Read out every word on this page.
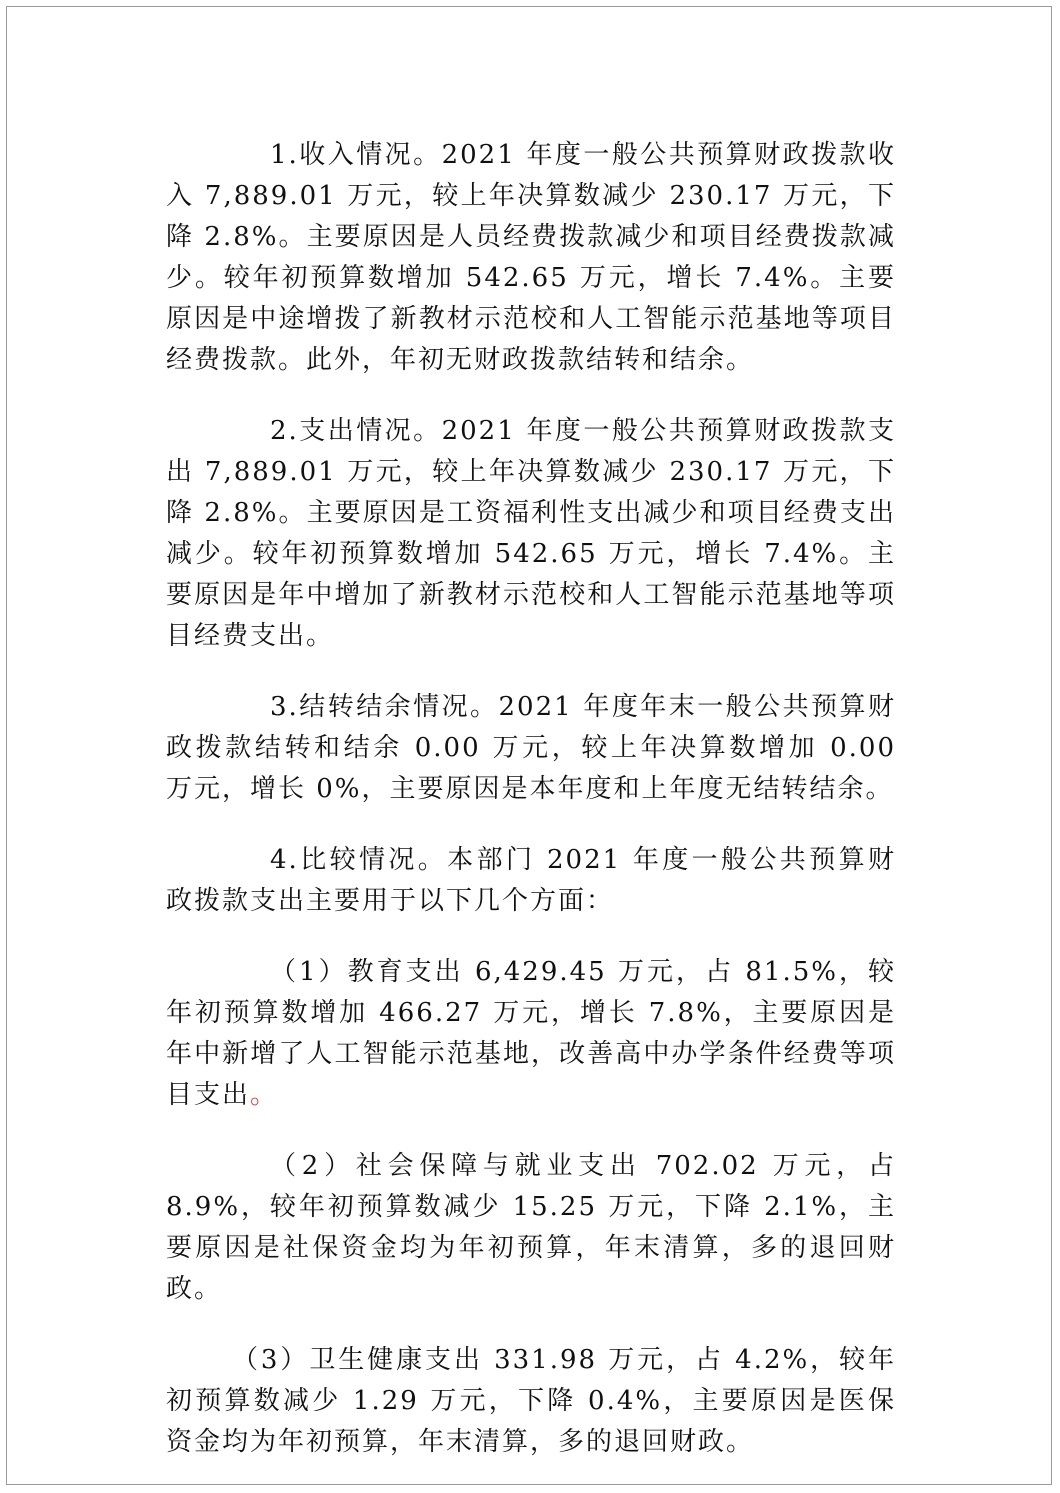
1.收入情况。2021 年度一般公共预算财政拨款收入 7,889.01 万元，较上年决算数减少 230.17 万元，下降 2.8%。主要原因是人员经费拨款减少和项目经费拨款减少。较年初预算数增加 542.65 万元，增长 7.4%。主要原因是中途增拨了新教材示范校和人工智能示范基地等项目经费拨款。此外，年初无财政拨款结转和结余。

2.支出情况。2021 年度一般公共预算财政拨款支出 7,889.01 万元，较上年决算数减少 230.17 万元，下降 2.8%。主要原因是工资福利性支出减少和项目经费支出减少。较年初预算数增加 542.65 万元，增长 7.4%。主要原因是年中增加了新教材示范校和人工智能示范基地等项目经费支出。

3.结转结余情况。2021 年度年末一般公共预算财政拨款结转和结余 0.00 万元，较上年决算数增加 0.00 万元，增长 0%，主要原因是本年度和上年度无结转结余。

4.比较情况。本部门 2021 年度一般公共预算财政拨款支出主要用于以下几个方面：

（1）教育支出 6,429.45 万元，占 81.5%，较年初预算数增加 466.27 万元，增长 7.8%，主要原因是年中新增了人工智能示范基地，改善高中办学条件经费等项目支出。

（2）社会保障与就业支出 702.02 万元，占 8.9%，较年初预算数减少 15.25 万元，下降 2.1%，主要原因是社保资金均为年初预算，年末清算，多的退回财政。

（3）卫生健康支出 331.98 万元，占 4.2%，较年初预算数减少 1.29 万元，下降 0.4%，主要原因是医保资金均为年初预算，年末清算，多的退回财政。
